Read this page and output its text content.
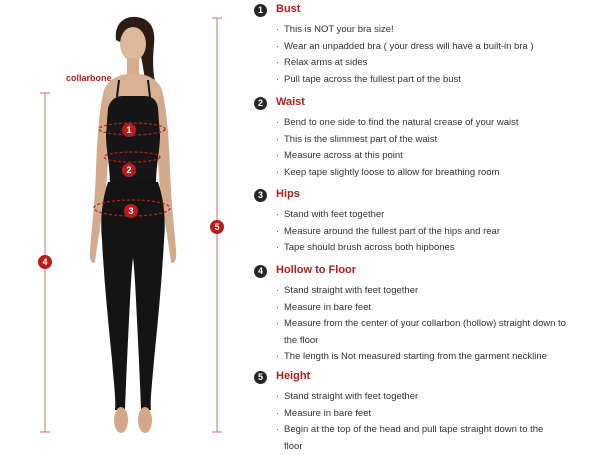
1
2
3
4
5
collarbone
1	Bust
· This is NOT your bra size!
· Wear an unpadded bra ( your dress will have a built-in bra )
· Relax arms at sides
· Pull tape across the fullest part of the bust
2	Waist
· Bend to one side to find the natural crease of your waist
· This is the slimmest part of the waist
· Measure across at this point
· Keep tape slightly loose to allow for breathing room
3	Hips
· Stand with feet together
· Measure around the fullest part of the hips and rear
· Tape should brush across both hipbones
4	Hollow to Floor
· Stand straight with feet together
· Measure in bare feet
· Measure from the center of your collarbon (hollow) straight down to
the floor
· The length is Not measured starting from the garment neckline
5	Height
· Stand straight with feet together
· Measure in bare feet
· Begin at the top of the head and pull tape straight down to the
floor
